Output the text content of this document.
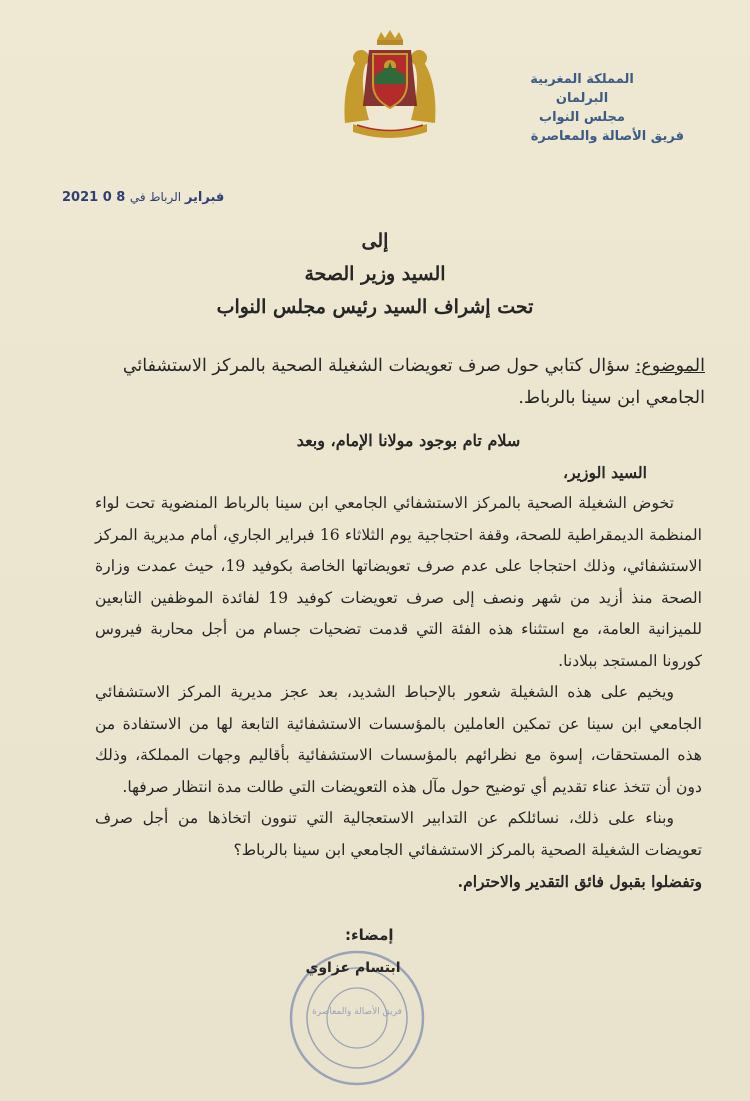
المملكة المغربية
البرلمان
مجلس النواب
فريق الأصالة والمعاصرة
2021 0 8 فبراير الرباط في
إلى
السيد وزير الصحة
تحت إشراف السيد رئيس مجلس النواب
الموضوع: سؤال كتابي حول صرف تعويضات الشغيلة الصحية بالمركز الاستشفائي الجامعي ابن سينا بالرباط.

سلام تام بوجود مولانا الإمام، وبعد

السيد الوزير،

تخوض الشغيلة الصحية بالمركز الاستشفائي الجامعي ابن سينا بالرباط المنضوية تحت لواء المنظمة الديمقراطية للصحة، وقفة احتجاجية يوم الثلاثاء 16 فبراير الجاري، أمام مديرية المركز الاستشفائي، وذلك احتجاجا على عدم صرف تعويضاتها الخاصة بكوفيد 19، حيث عمدت وزارة الصحة منذ أزيد من شهر ونصف إلى صرف تعويضات كوفيد 19 لفائدة الموظفين التابعين للميزانية العامة، مع استثناء هذه الفئة التي قدمت تضحيات جسام من أجل محاربة فيروس كورونا المستجد ببلادنا.

ويخيم على هذه الشغيلة شعور بالإحباط الشديد، بعد عجز مديرية المركز الاستشفائي الجامعي ابن سينا عن تمكين العاملين بالمؤسسات الاستشفائية التابعة لها من الاستفادة من هذه المستحقات، إسوة مع نظرائهم بالمؤسسات الاستشفائية بأقاليم وجهات المملكة، وذلك دون أن تتخذ عناء تقديم أي توضيح حول مآل هذه التعويضات التي طالت مدة انتظار صرفها.

وبناء على ذلك، نسائلكم عن التدابير الاستعجالية التي تنوون اتخاذها من أجل صرف تعويضات الشغيلة الصحية بالمركز الاستشفائي الجامعي ابن سينا بالرباط؟

وتفضلوا بقبول فائق التقدير والاحترام.

إمضاء:
فريق الأصالة والمعاصرة
ابتسام عزاوي
